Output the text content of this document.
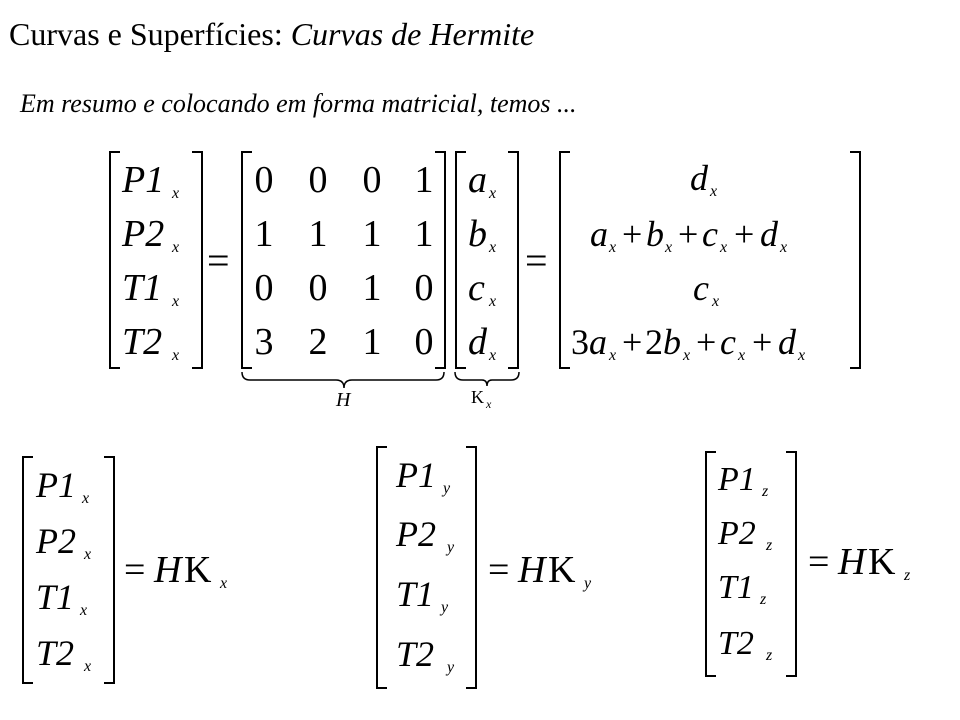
Curvas e Superfícies: Curvas de Hermite
Em resumo e colocando em forma matricial, temos ...
H	K x
P1 x
P2 x
T1 x
T2 x
=
0 0 0 1
1 1 1 1
0 0 1 0
3 2 1 0
a x
b x
c x
d x
=
d x
a x + b x + c x + d x
c x
3a x + 2b x + c x + d x
P1 x
P2 x
T1 x
T2 x
= H K x
P1 y
P2 y
T1 y
T2 y
= H K y
P1 z
P2 z
T1 z
T2 z
= H K z
